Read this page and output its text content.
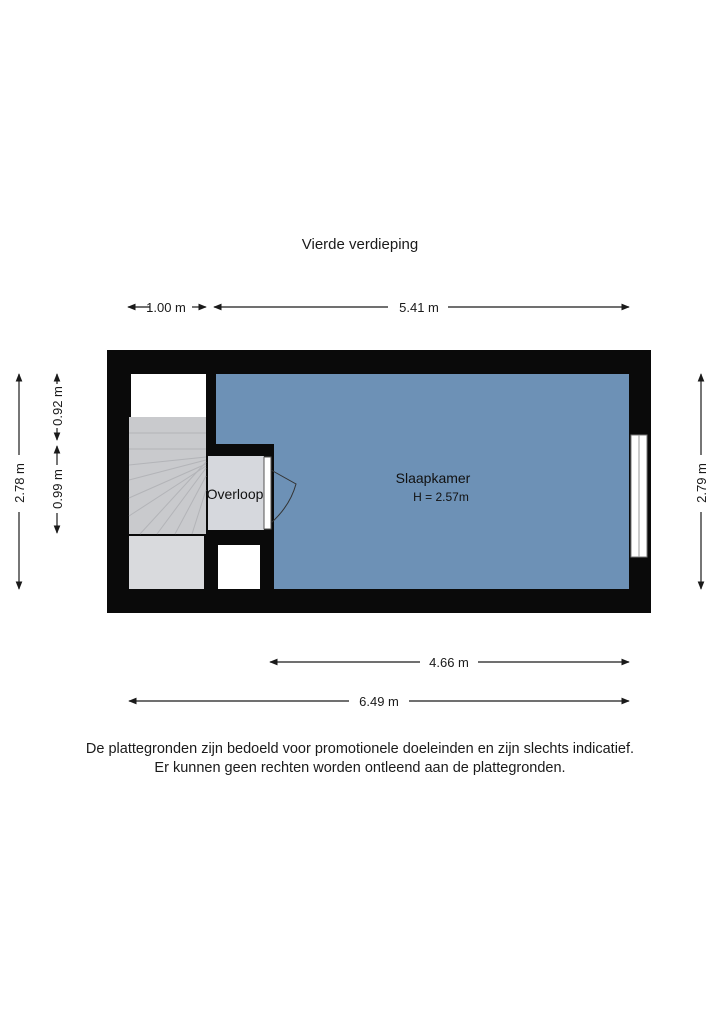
Vierde verdieping
Overloop
Slaapkamer
H = 2.57m
1.00 m	5.41 m
2.78 m
0.92 m
0.99 m	2.79 m
4.66 m
6.49 m
De plattegronden zijn bedoeld voor promotionele doeleinden en zijn slechts indicatief.
Er kunnen geen rechten worden ontleend aan de plattegronden.
